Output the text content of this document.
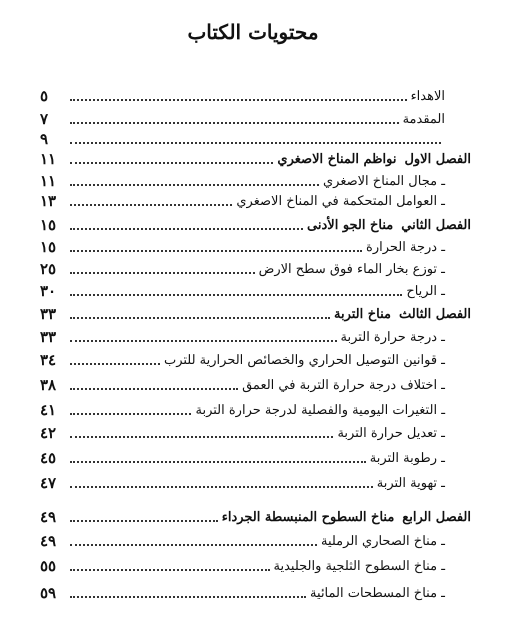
محتويات الكتاب
الاهداء
٥
المقدمة
٧
٩
الفصل الاول
نواظم المناخ الاصغري
١١
ـ مجال المناخ الاصغري
١١
ـ العوامل المتحكمة في المناخ الاصغري
١٣
الفصل الثاني
مناخ الجو الأدنى
١٥
ـ درجة الحرارة
١٥
ـ توزع بخار الماء فوق سطح الارض
٢٥
ـ الرياح
٣٠
الفصل الثالث
مناخ التربة
٣٣
ـ درجة حرارة التربة
٣٣
ـ قوانين التوصيل الحراري والخصائص الحرارية للترب
٣٤
ـ اختلاف درجة حرارة التربة في العمق
٣٨
ـ التغيرات اليومية والفصلية لدرجة حرارة التربة
٤١
ـ تعديل حرارة التربة
٤٢
ـ رطوبة التربة
٤٥
ـ تهوية التربة
٤٧
الفصل الرابع
مناخ السطوح المنبسطة الجرداء
٤٩
ـ مناخ الصحاري الرملية
٤٩
ـ مناخ السطوح الثلجية والجليدية
٥٥
ـ مناخ المسطحات المائية
٥٩
